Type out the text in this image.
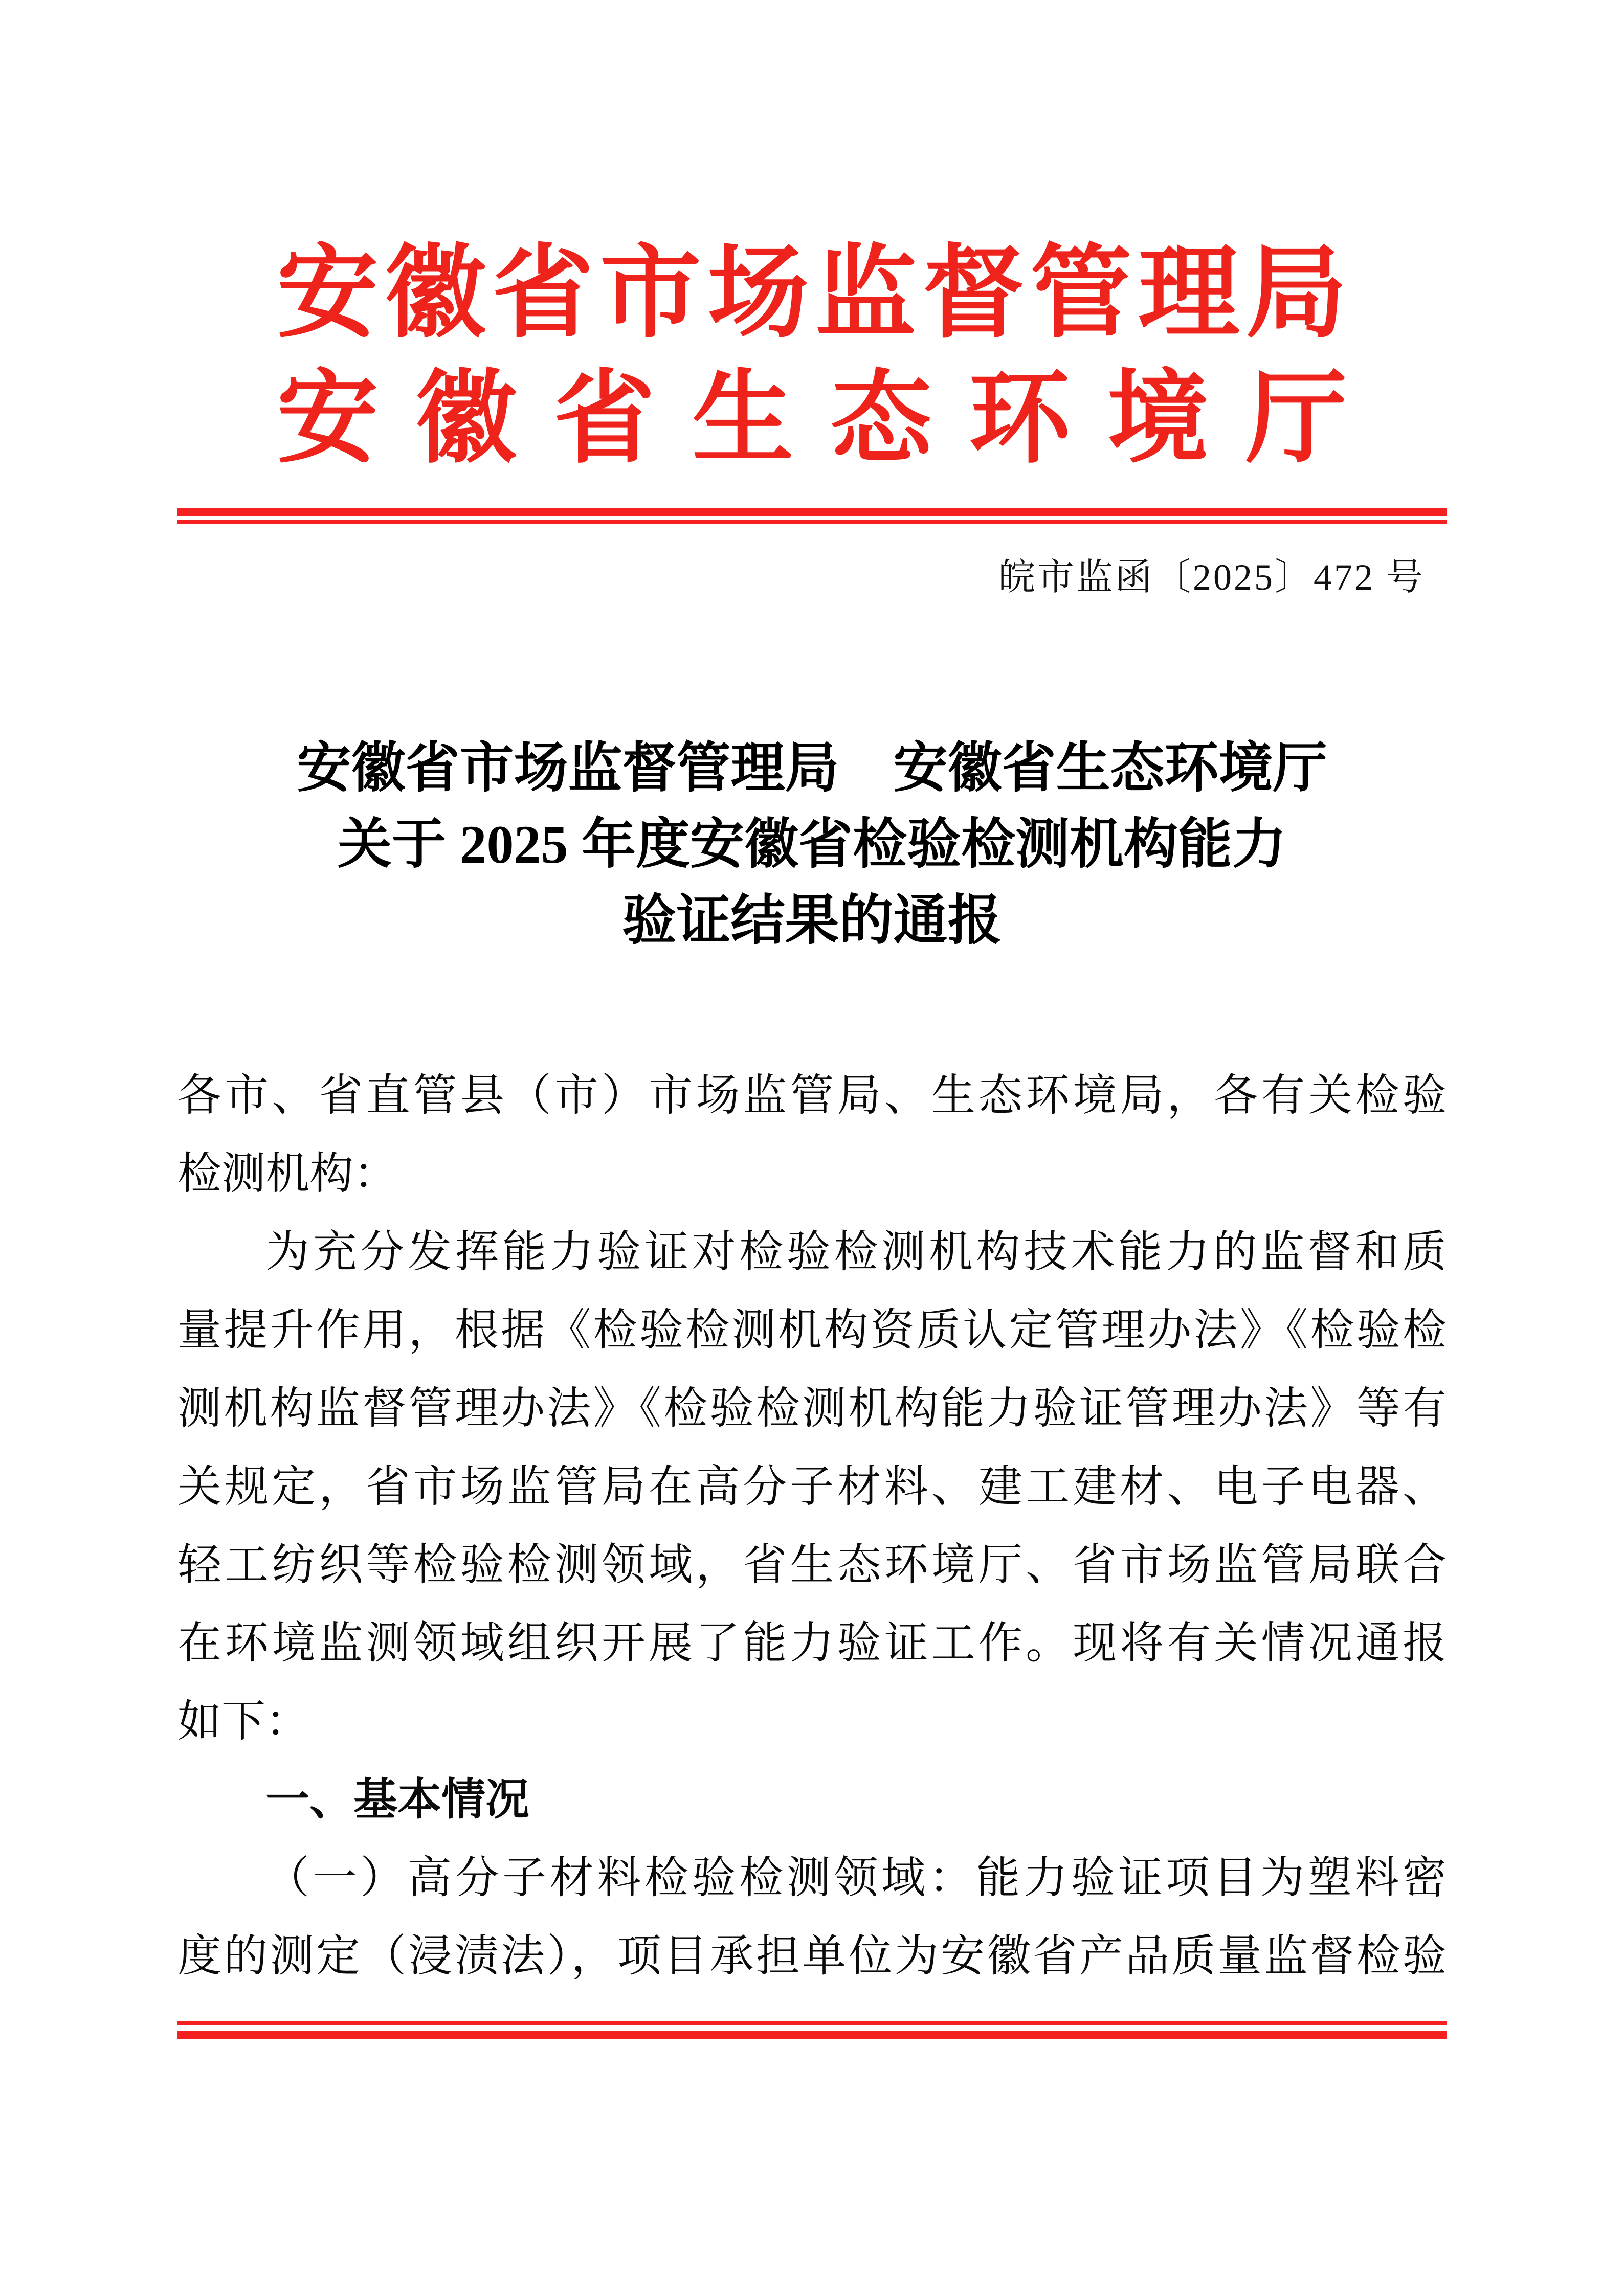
安徽省市场监督管理局
安徽省生态环境厅
皖市监函〔2025〕472 号
安徽省市场监督管理局　安徽省生态环境厅
关于 2025 年度安徽省检验检测机构能力
验证结果的通报
各市、省直管县（市）市场监管局、生态环境局，各有关检验
检测机构：
为充分发挥能力验证对检验检测机构技术能力的监督和质
量提升作用，根据《检验检测机构资质认定管理办法》《检验检
测机构监督管理办法》《检验检测机构能力验证管理办法》等有
关规定，省市场监管局在高分子材料、建工建材、电子电器、
轻工纺织等检验检测领域，省生态环境厅、省市场监管局联合
在环境监测领域组织开展了能力验证工作。现将有关情况通报
如下：
一、基本情况
（一）高分子材料检验检测领域：能力验证项目为塑料密
度的测定（浸渍法），项目承担单位为安徽省产品质量监督检验
